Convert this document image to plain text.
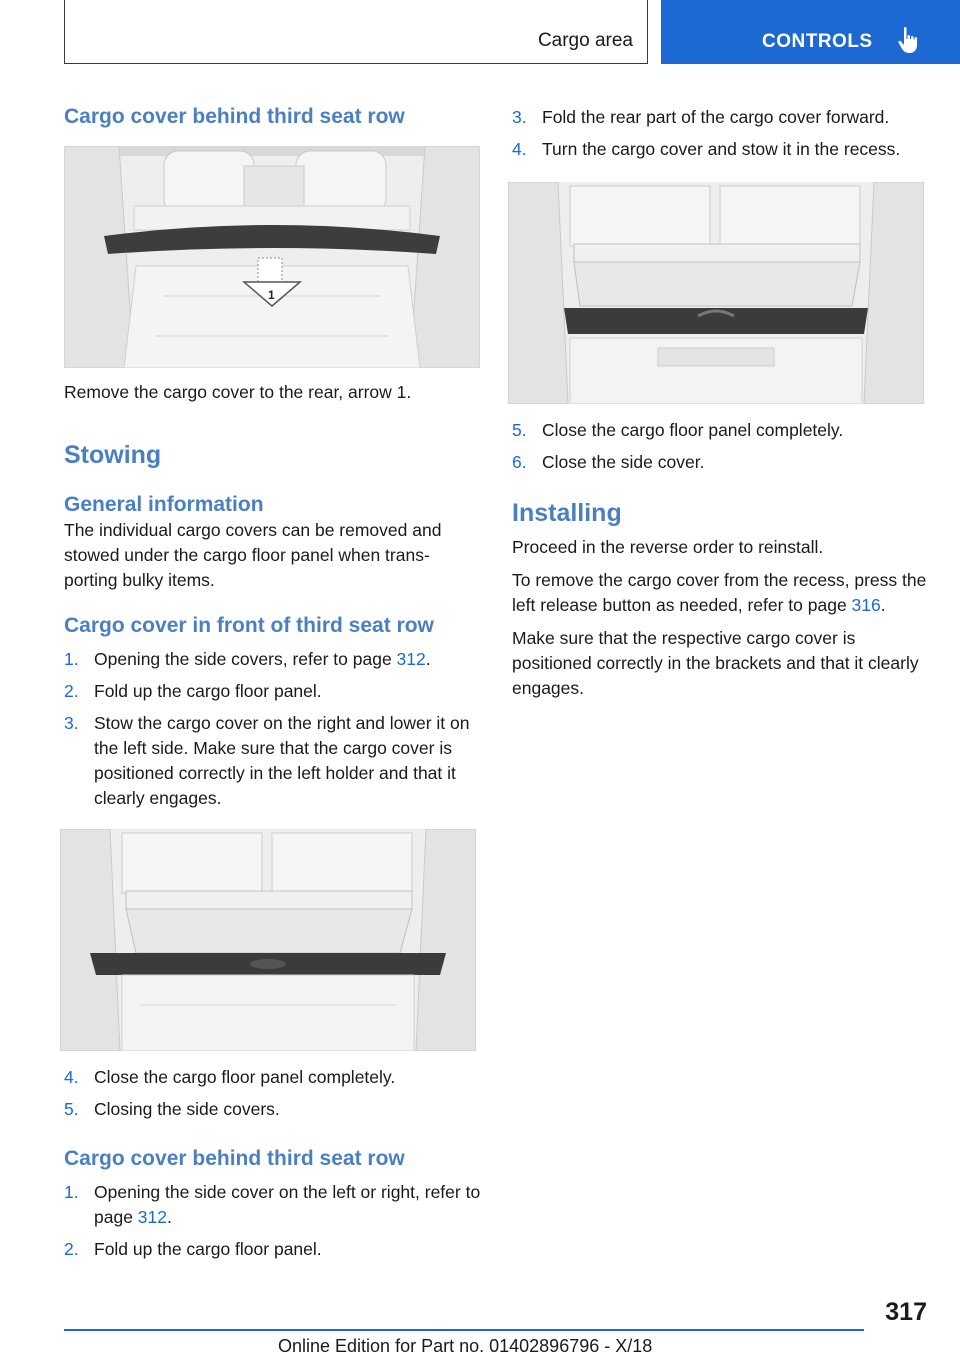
Cargo area	CONTROLS
Cargo cover behind third seat row
1

Remove the cargo cover to the rear, arrow 1.

Stowing
General information

The individual cargo covers can be removed and
stowed under the cargo floor panel when trans-
porting bulky items.

Cargo cover in front of third seat row
1. Opening the side covers, refer to page 312.
2. Fold up the cargo floor panel.
3. Stow the cargo cover on the right and lower it on the left side. Make sure that the cargo cover is positioned correctly in the left holder and that it clearly engages.
4. Close the cargo floor panel completely.
5. Closing the side covers.
Cargo cover behind third seat row
1. Opening the side cover on the left or right, refer to page 312.
2. Fold up the cargo floor panel.
3. Fold the rear part of the cargo cover forward.
4. Turn the cargo cover and stow it in the recess.
5. Close the cargo floor panel completely.
6. Close the side cover.
Installing

Proceed in the reverse order to reinstall.

To remove the cargo cover from the recess, press the left release button as needed, refer to page 316.

Make sure that the respective cargo cover is positioned correctly in the brackets and that it clearly engages.

317
Online Edition for Part no. 01402896796 - X/18
